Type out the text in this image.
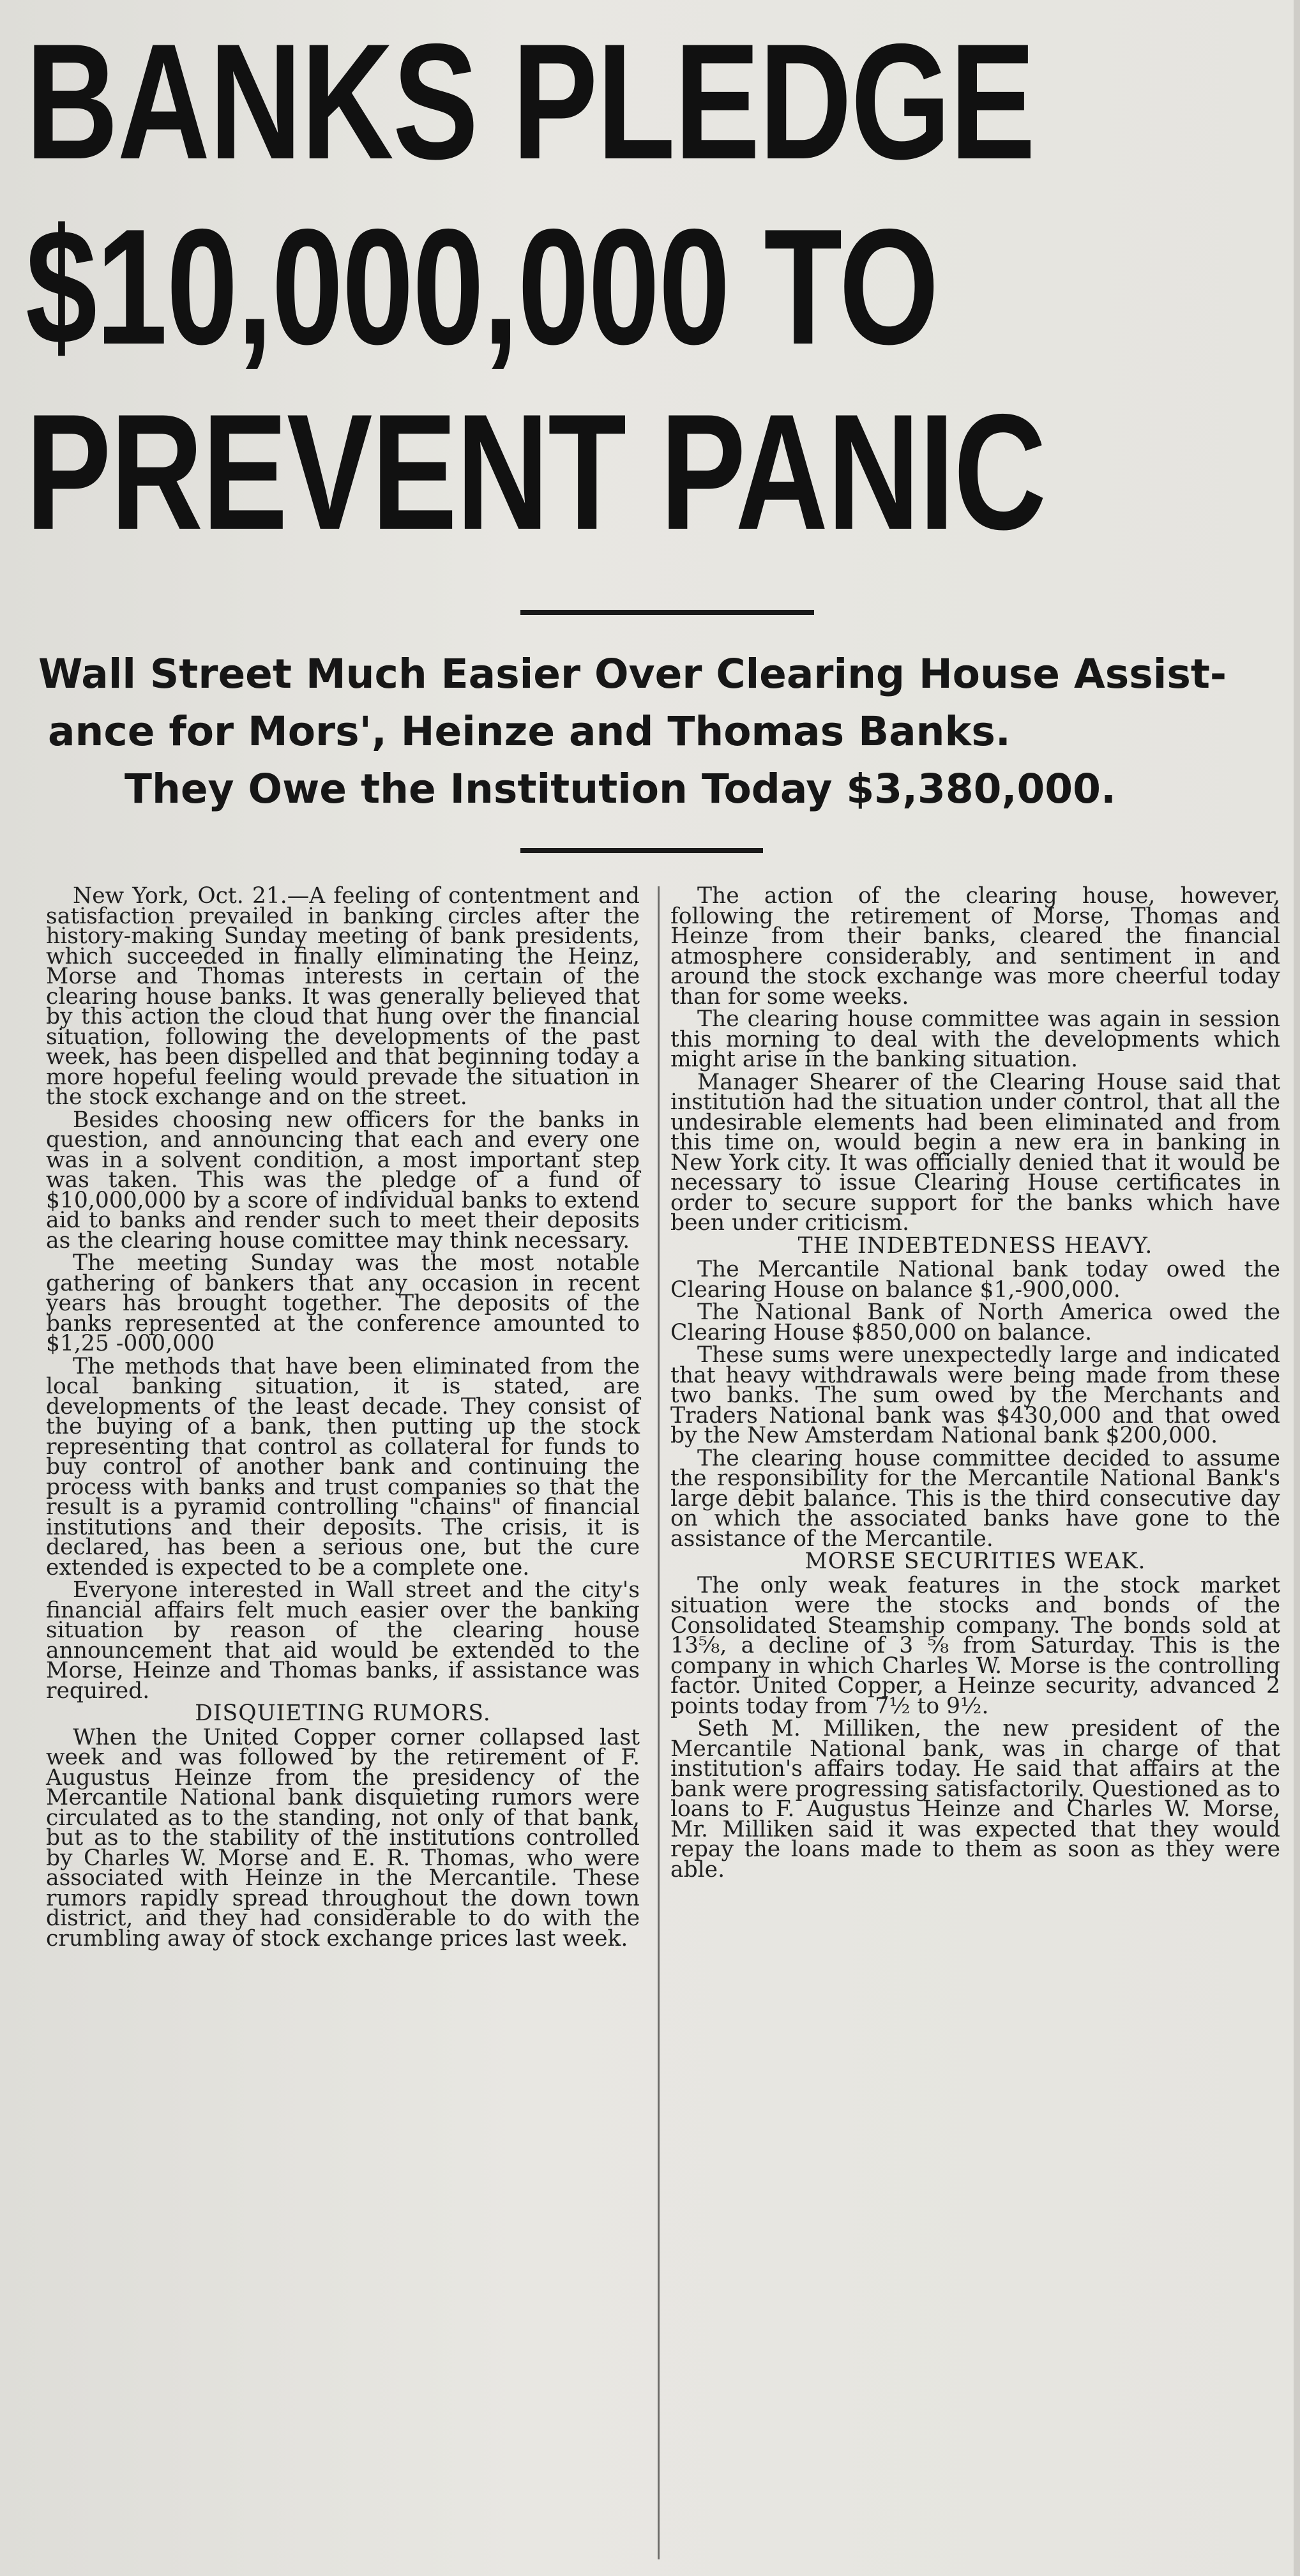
BANKS PLEDGE
$10,000,000 TO
PREVENT PANIC
Wall Street Much Easier Over Clearing House Assist-
ance for Mors', Heinze and Thomas Banks.
They Owe the Institution Today $3,380,000.

New York, Oct. 21.—A feeling of contentment and satisfaction prevailed in banking circles after the history-making Sunday meeting of bank presidents, which succeeded in finally eliminating the Heinz, Morse and Thomas interests in certain of the clearing house banks. It was generally believed that by this action the cloud that hung over the financial situation, following the developments of the past week, has been dispelled and that beginning today a more hopeful feeling would prevade the situation in the stock exchange and on the street.

Besides choosing new officers for the banks in question, and announcing that each and every one was in a solvent condition, a most important step was taken. This was the pledge of a fund of $10,000,000 by a score of individual banks to extend aid to banks and render such to meet their deposits as the clearing house comittee may think necessary.

The meeting Sunday was the most notable gathering of bankers that any occasion in recent years has brought together. The deposits of the banks represented at the conference amounted to $1,25 -000,000

The methods that have been eliminated from the local banking situation, it is stated, are developments of the least decade. They consist of the buying of a bank, then putting up the stock representing that control as collateral for funds to buy control of another bank and continuing the process with banks and trust companies so that the result is a pyramid controlling "chains" of financial institutions and their deposits. The crisis, it is declared, has been a serious one, but the cure extended is expected to be a complete one.

Everyone interested in Wall street and the city's financial affairs felt much easier over the banking situation by reason of the clearing house announcement that aid would be extended to the Morse, Heinze and Thomas banks, if assistance was required.

DISQUIETING RUMORS.

When the United Copper corner collapsed last week and was followed by the retirement of F. Augustus Heinze from the presidency of the Mercantile National bank disquieting rumors were circulated as to the standing, not only of that bank, but as to the stability of the institutions controlled by Charles W. Morse and E. R. Thomas, who were associated with Heinze in the Mercantile. These rumors rapidly spread throughout the down town district, and they had considerable to do with the crumbling away of stock exchange prices last week.

The action of the clearing house, however, following the retirement of Morse, Thomas and Heinze from their banks, cleared the financial atmosphere considerably, and sentiment in and around the stock exchange was more cheerful today than for some weeks.

The clearing house committee was again in session this morning to deal with the developments which might arise in the banking situation.

Manager Shearer of the Clearing House said that institution had the situation under control, that all the undesirable elements had been eliminated and from this time on, would begin a new era in banking in New York city. It was officially denied that it would be necessary to issue Clearing House certificates in order to secure support for the banks which have been under criticism.

THE INDEBTEDNESS HEAVY.

The Mercantile National bank today owed the Clearing House on balance $1,-900,000.

The National Bank of North America owed the Clearing House $850,000 on balance.

These sums were unexpectedly large and indicated that heavy withdrawals were being made from these two banks. The sum owed by the Merchants and Traders National bank was $430,000 and that owed by the New Amsterdam National bank $200,000.

The clearing house committee decided to assume the responsibility for the Mercantile National Bank's large debit balance. This is the third consecutive day on which the associated banks have gone to the assistance of the Mercantile.

MORSE SECURITIES WEAK.

The only weak features in the stock market situation were the stocks and bonds of the Consolidated Steamship company. The bonds sold at 13⅝, a decline of 3 ⅝ from Saturday. This is the company in which Charles W. Morse is the controlling factor. United Copper, a Heinze security, advanced 2 points today from 7½ to 9½.

Seth M. Milliken, the new president of the Mercantile National bank, was in charge of that institution's affairs today. He said that affairs at the bank were progressing satisfactorily. Questioned as to loans to F. Augustus Heinze and Charles W. Morse, Mr. Milliken said it was expected that they would repay the loans made to them as soon as they were able.
